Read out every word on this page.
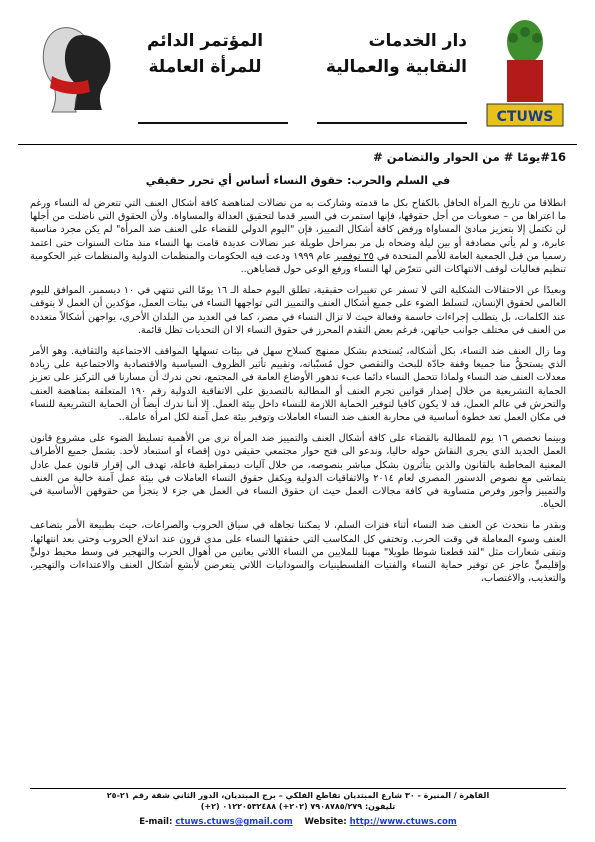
CTUWS
دار الخدمات
النقابية والعمالية
المؤتمر الدائم
للمرأة العاملة

#16يومًا # من الحوار والتضامن #

في السلم والحرب: حقوق النساء أساس أي تحرر حقيقي

انطلاقا من تاريخ المرأة الحافل بالكفاح بكل ما قدمته وشاركت به من نضالات لمناهضة كافة أشكال العنف التي تتعرض له النساء ورغم ما اعتراها من – صعوبات من أجل حقوقها، فإنها استمرت في السير قدما لتحقيق العدالة والمساواة. ولأن الحقوق التي ناضلت من أجلها لن تكتمل إلا بتعزيز مبادئ المساواة ورفض كافة أشكال التمييز، فإن "اليوم الدولي للقضاء على العنف ضد المرأة" لم يكن مجرد مناسبة عابرة، و لم يأتي مصادفة أو بين ليلة وضحاه بل مر بمراحل طويلة عبر نضالات عديدة قامت بها النساء منذ مئات السنوات حتى اعتمد رسميا من قبل الجمعية العامة للأمم المتحدة في ٢٥ نوفمبر عام ١٩٩٩ ودعت فيه الحكومات والمنظمات الدولية والمنظمات غير الحكومية تنظيم فعاليات لوقف الانتهاكات التي تتعرّض لها النساء ورفع الوعي حول قضاياهن..

وبعيدًا عن الاحتفالات الشكلية التي لا تسفر عن تغييرات حقيقية، تطلق اليوم حملة الـ ١٦ يومًا التي تنتهي في ١٠ ديسمبر، الموافق لليوم العالمي لحقوق الإنسان، لتسلط الضوء على جميع أشكال العنف والتمييز التي تواجهها النساء في بيئات العمل، مؤكدين أن العمل لا يتوقف عند الكلمات، بل يتطلب إجراءات حاسمة وفعالة حيث لا تزال النساء في مصر، كما في العديد من البلدان الأخرى، يواجهن أشكالاً متعددة من العنف في مختلف جوانب حياتهن، فرغم بعض التقدم المحرز في حقوق النساء الا ان التحديات تظل قائمة.

وما زال العنف ضد النساء، بكل أشكاله، يُستخدم بشكل ممنهج كسلاح سهل في بيئات تسهلها المواقف الاجتماعية والثقافية. وهو الأمر الذي يستحقُّ منا جميعا وقفة جادّة للبحث والتقصي حول مُسبّباته، وتقييم تأثير الظروف السياسية والاقتصادية والاجتماعية على زيادة معدلات العنف ضد النساء ولماذا تتحمل النساء دائما عبء تدهور الأوضاع العامة في المجتمع، نحن ندرك أن مسارنا في التركيز على تعزيز الحماية التشريعية من خلال إصدار قوانين تجرم العنف أو المطالبة بالتصديق على الاتفاقية الدولية رقم ١٩٠ المتعلقة بمناهضة العنف والتحرش في عالم العمل، قد لا يكون كافيا لتوفير الحماية اللازمة للنساء داخل بيئة العمل. إلا أننا ندرك أيضاً أن الحماية التشريعية للنساء في مكان العمل تعد خطوة أساسية في محاربة العنف ضد النساء العاملات وتوفير بيئة عمل آمنة لكل امرأة عاملة..

وبينما نخصص ١٦ يوم للمطالبة بالقضاء على كافة أشكال العنف والتمييز ضد المرأة نرى من الأهمية تسليط الضوء على مشروع قانون العمل الجديد الذي يجرى النقاش حوله حاليا، وندعو الى فتح حوار مجتمعي حقيقي دون إقصاء أو استبعاد لأحد. يشمل جميع الأطراف المعنية المخاطبة بالقانون والذين يتأثرون بشكل مباشر بنصوصه، من خلال آليات ديمقراطية فاعلة، تهدف الى إقرار قانون عمل عادل يتماشى مع نصوص الدستور المصري لعام ٢٠١٤ والاتفاقيات الدولية ويكفل حقوق النساء العاملات في بيئة عمل آمنة خالية من العنف والتمييز وأجور وفرص متساوية في كافة مجالات العمل حيث ان حقوق النساء في العمل هي جزء لا يتجزأ من حقوقهن الأساسية في الحياة.

وبقدر ما نتحدث عن العنف ضد النساء أثناء فترات السلم، لا يمكننا تجاهله في سياق الحروب والصراعات، حيث بطبيعة الأمر يتضاعف العنف وسوء المعاملة في وقت الحرب. وتختفي كل المكاسب التي حققتها النساء على مدى قرون عند اندلاع الحروب وحتى بعد انتهائها، وتبقى شعارات مثل "لقد قطعنا شوطا طويلا" مهينا للملايين من النساء اللاتي يعانين من أهوال الحرب والتهجير في وسط محيط دوليٍّ وإقليميٍّ عاجز عن توفير حماية النساء والفتيات الفلسطينيات والسودانيات اللاتي يتعرضن لأبشع أشكال العنف والاعتداءات والتهجير، والتعذيب، والاغتصاب،

القاهرة / المنيرة - ٣٠ شارع المبتديان تقاطع الفلكي – برج المبتديان، الدور الثاني شقة رقم ٢١-٢٥
تليفون: ٧٩٠٨٧٨٥/٢٧٩ (٢٠٢+) ٠١٢٢٠٥٣٢٤٨٨ (٢+)
E-mail: ctuws.ctuws@gmail.com Website: http://www.ctuws.com
